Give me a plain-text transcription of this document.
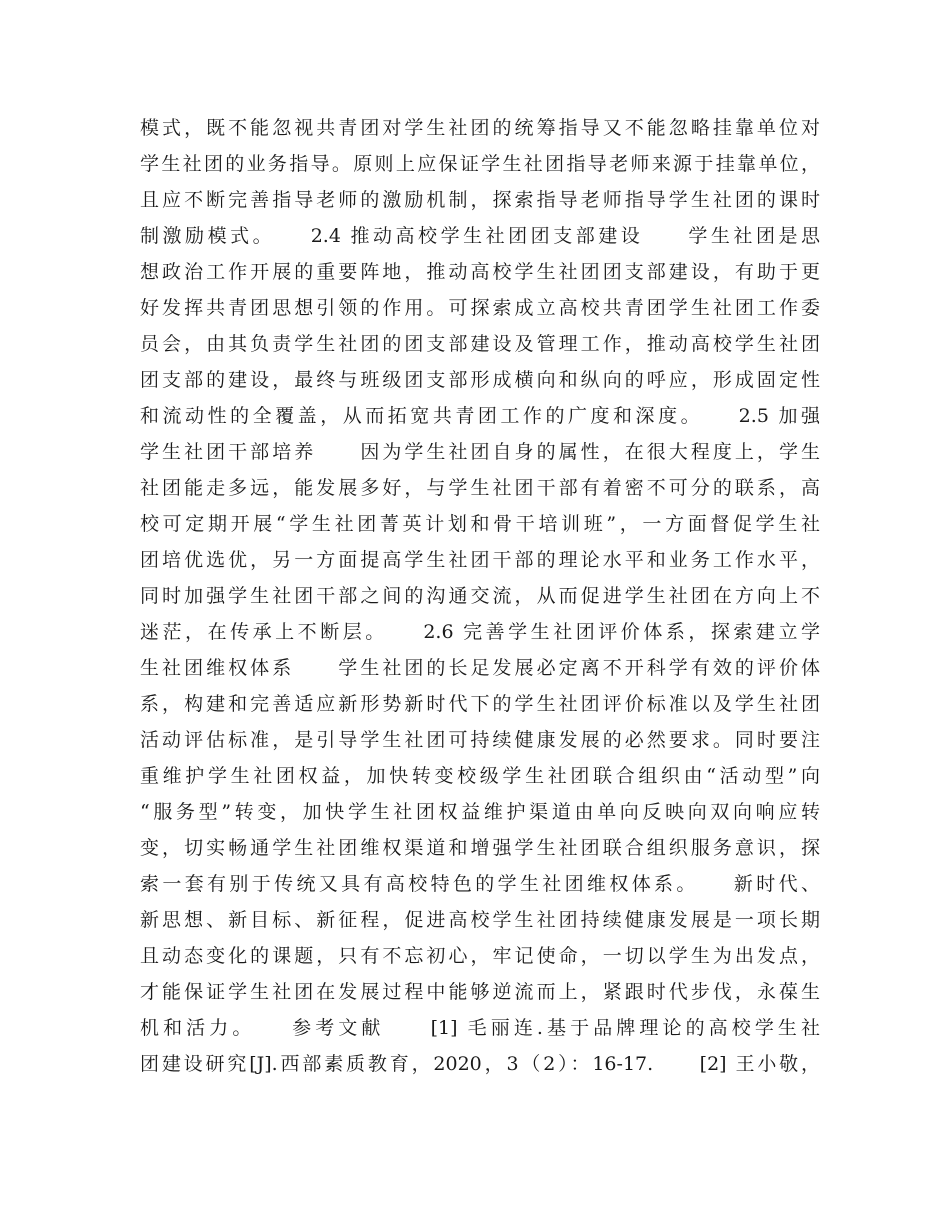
模式，既不能忽视共青团对学生社团的统筹指导又不能忽略挂靠单位对
学生社团的业务指导。原则上应保证学生社团指导老师来源于挂靠单位，
且应不断完善指导老师的激励机制，探索指导老师指导学生社团的课时
制激励模式。　　2.4 推动高校学生社团团支部建设　　学生社团是思
想政治工作开展的重要阵地，推动高校学生社团团支部建设，有助于更
好发挥共青团思想引领的作用。可探索成立高校共青团学生社团工作委
员会，由其负责学生社团的团支部建设及管理工作，推动高校学生社团
团支部的建设，最终与班级团支部形成横向和纵向的呼应，形成固定性
和流动性的全覆盖，从而拓宽共青团工作的广度和深度。　　2.5 加强
学生社团干部培养　　因为学生社团自身的属性，在很大程度上，学生
社团能走多远，能发展多好，与学生社团干部有着密不可分的联系，高
校可定期开展“学生社团菁英计划和骨干培训班”，一方面督促学生社
团培优选优，另一方面提高学生社团干部的理论水平和业务工作水平，
同时加强学生社团干部之间的沟通交流，从而促进学生社团在方向上不
迷茫，在传承上不断层。　　2.6 完善学生社团评价体系，探索建立学
生社团维权体系　　学生社团的长足发展必定离不开科学有效的评价体
系，构建和完善适应新形势新时代下的学生社团评价标准以及学生社团
活动评估标准，是引导学生社团可持续健康发展的必然要求。同时要注
重维护学生社团权益，加快转变校级学生社团联合组织由“活动型”向
“服务型”转变，加快学生社团权益维护渠道由单向反映向双向响应转
变，切实畅通学生社团维权渠道和增强学生社团联合组织服务意识，探
索一套有别于传统又具有高校特色的学生社团维权体系。　　新时代、
新思想、新目标、新征程，促进高校学生社团持续健康发展是一项长期
且动态变化的课题，只有不忘初心，牢记使命，一切以学生为出发点，
才能保证学生社团在发展过程中能够逆流而上，紧跟时代步伐，永葆生
机和活力。　　参考文献　　[1] 毛丽连.基于品牌理论的高校学生社
团建设研究[J].西部素质教育，2020，3（2）：16-17.　　[2] 王小敬，
